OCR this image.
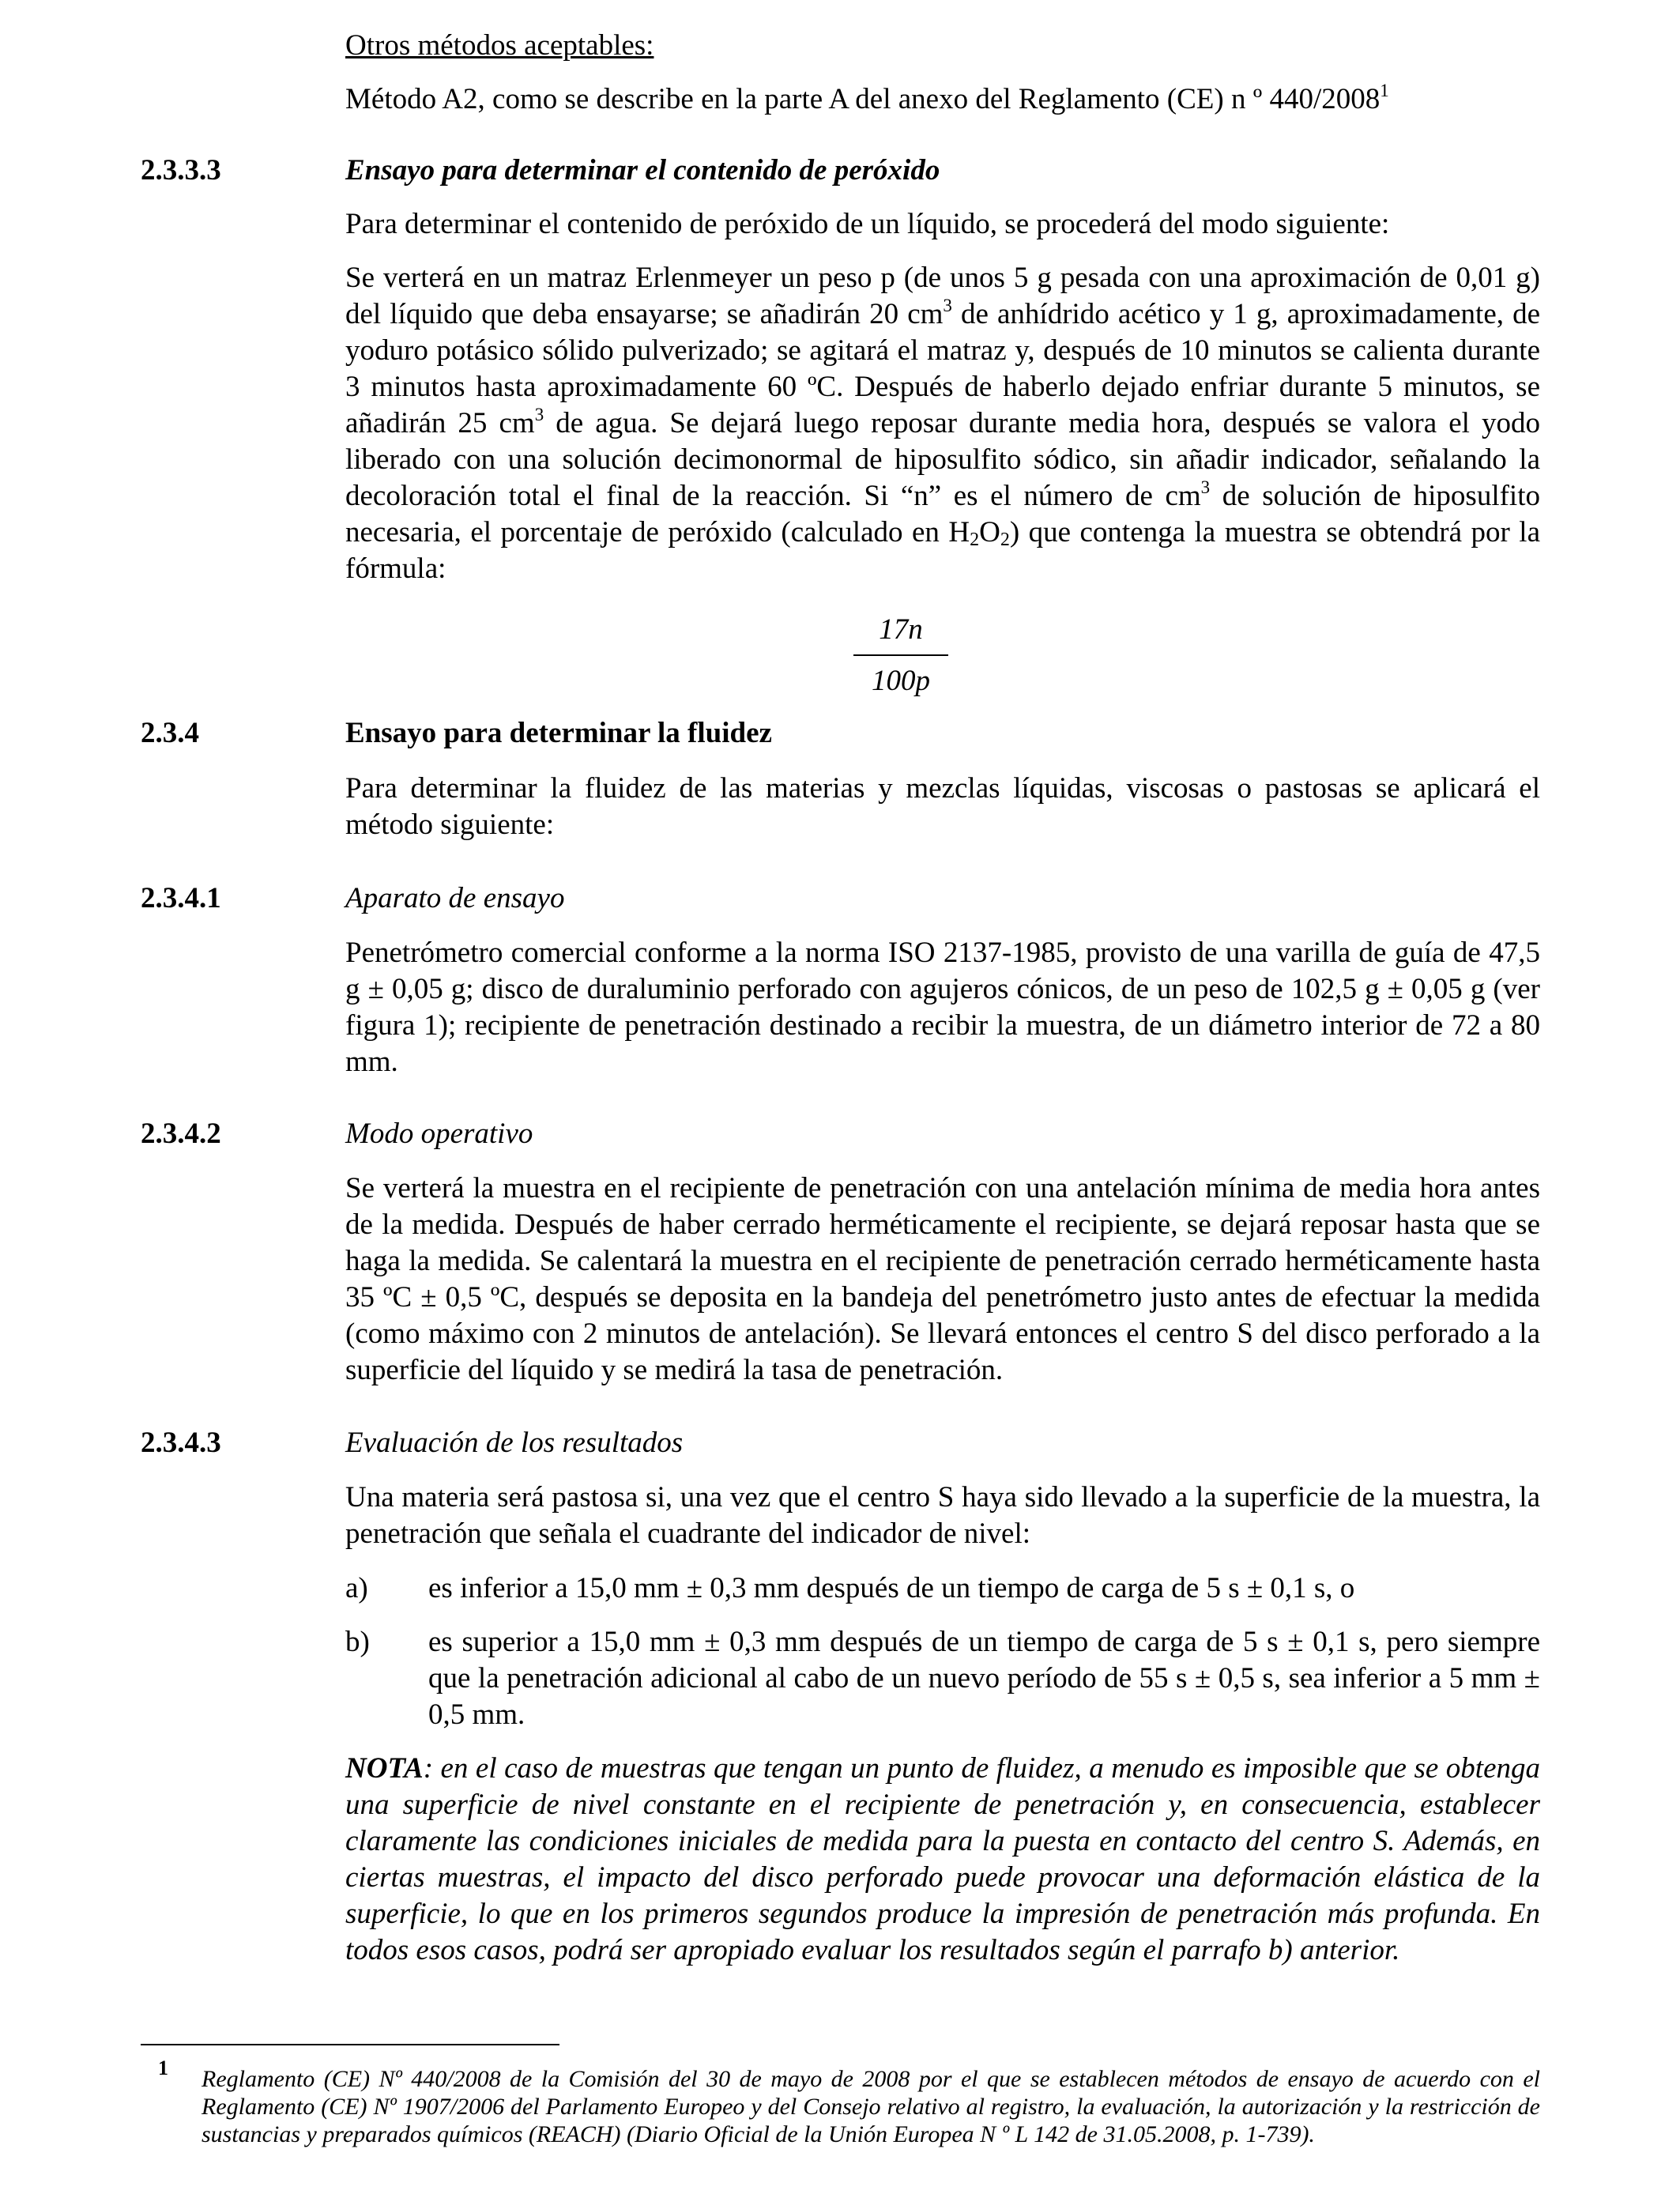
Otros métodos aceptables:
Método A2, como se describe en la parte A del anexo del Reglamento (CE) n º 440/2008$^1$
2.3.3.3	Ensayo para determinar el contenido de peróxido
Para determinar el contenido de peróxido de un líquido, se procederá del modo siguiente:
Se verterá en un matraz Erlenmeyer un peso p (de unos 5 g pesada con una aproximación de 0,01 g) del líquido que deba ensayarse; se añadirán 20 $cm^3$ de anhídrido acético y 1 g, aproximadamente, de yoduro potásico sólido pulverizado; se agitará el matraz y, después de 10 minutos se calienta durante 3 minutos hasta aproximadamente 60 ºC. Después de haberlo dejado enfriar durante 5 minutos, se añadirán 25 $cm^3$ de agua. Se dejará luego reposar durante media hora, después se valora el yodo liberado con una solución decimonormal de hiposulfito sódico, sin añadir indicador, señalando la decoloración total el final de la reacción. Si “n” es el número de $cm^3$ de solución de hiposulfito necesaria, el porcentaje de peróxido (calculado en $H_2O_2$) que contenga la muestra se obtendrá por la fórmula:
17n
100p
2.3.4	Ensayo para determinar la fluidez
Para determinar la fluidez de las materias y mezclas líquidas, viscosas o pastosas se aplicará el método siguiente:
2.3.4.1	Aparato de ensayo
Penetrómetro comercial conforme a la norma ISO 2137-1985, provisto de una varilla de guía de 47,5 g ± 0,05 g; disco de duraluminio perforado con agujeros cónicos, de un peso de 102,5 g ± 0,05 g (ver figura 1); recipiente de penetración destinado a recibir la muestra, de un diámetro interior de 72 a 80 mm.
2.3.4.2	Modo operativo
Se verterá la muestra en el recipiente de penetración con una antelación mínima de media hora antes de la medida. Después de haber cerrado herméticamente el recipiente, se dejará reposar hasta que se haga la medida. Se calentará la muestra en el recipiente de penetración cerrado herméticamente hasta 35 ºC ± 0,5 ºC, después se deposita en la bandeja del penetrómetro justo antes de efectuar la medida (como máximo con 2 minutos de antelación). Se llevará entonces el centro S del disco perforado a la superficie del líquido y se medirá la tasa de penetración.
2.3.4.3	Evaluación de los resultados
Una materia será pastosa si, una vez que el centro S haya sido llevado a la superficie de la muestra, la penetración que señala el cuadrante del indicador de nivel:
a) es inferior a 15,0 mm ± 0,3 mm después de un tiempo de carga de 5 s ± 0,1 s, o
b) es superior a 15,0 mm ± 0,3 mm después de un tiempo de carga de 5 s ± 0,1 s, pero siempre que la penetración adicional al cabo de un nuevo período de 55 s ± 0,5 s, sea inferior a 5 mm ± 0,5 mm.
NOTA: en el caso de muestras que tengan un punto de fluidez, a menudo es imposible que se obtenga una superficie de nivel constante en el recipiente de penetración y, en consecuencia, establecer claramente las condiciones iniciales de medida para la puesta en contacto del centro S. Además, en ciertas muestras, el impacto del disco perforado puede provocar una deformación elástica de la superficie, lo que en los primeros segundos produce la impresión de penetración más profunda. En todos esos casos, podrá ser apropiado evaluar los resultados según el parrafo b) anterior.
1 Reglamento (CE) Nº 440/2008 de la Comisión del 30 de mayo de 2008 por el que se establecen métodos de ensayo de acuerdo con el Reglamento (CE) Nº 1907/2006 del Parlamento Europeo y del Consejo relativo al registro, la evaluación, la autorización y la restricción de sustancias y preparados químicos (REACH) (Diario Oficial de la Unión Europea N º L 142 de 31.05.2008, p. 1-739).
